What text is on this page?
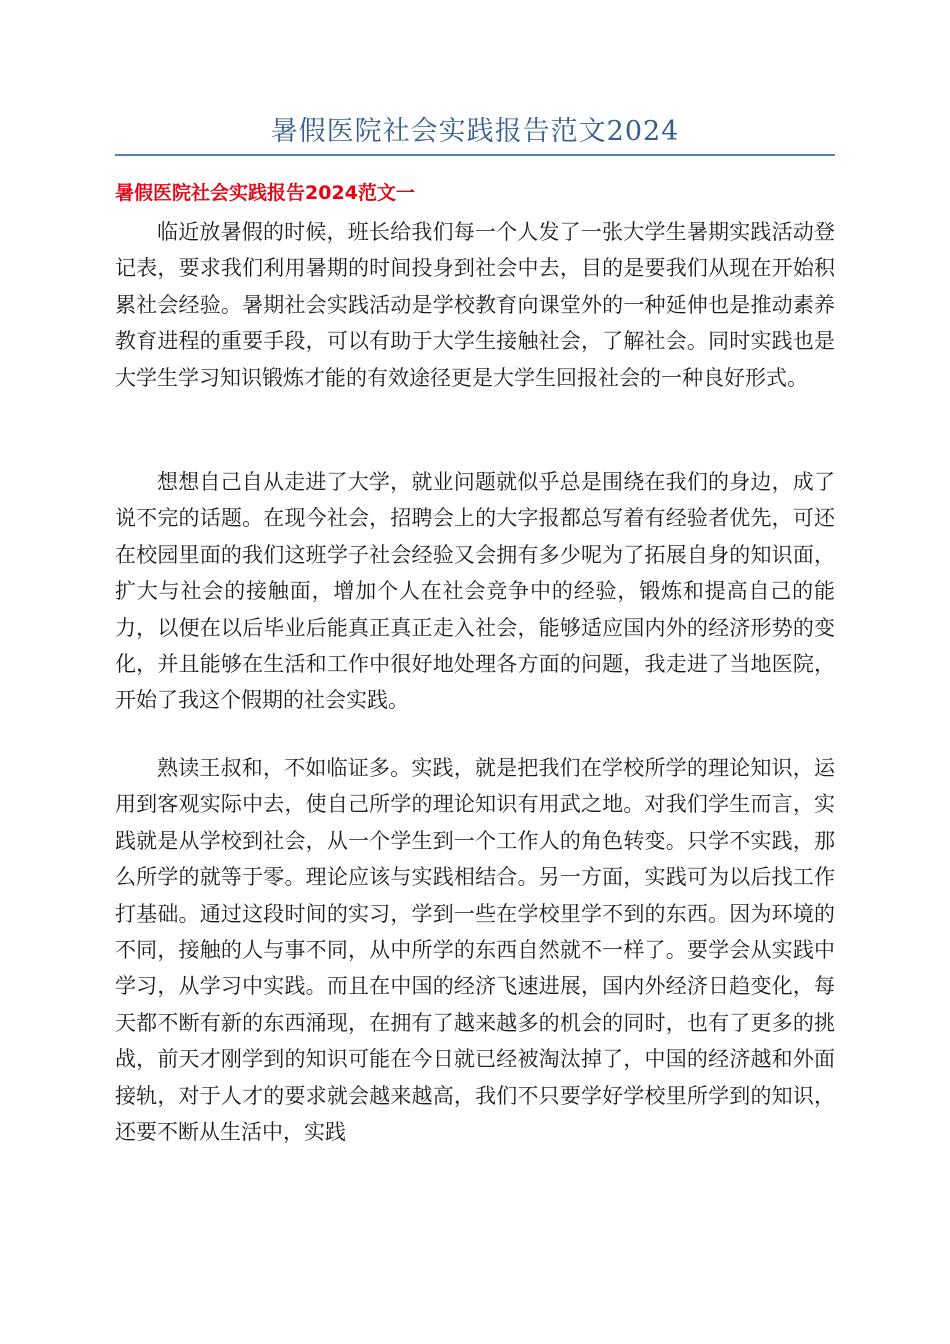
暑假医院社会实践报告范文2024
暑假医院社会实践报告2024范文一

临近放暑假的时候，班长给我们每一个人发了一张大学生暑期实践活动登记表，要求我们利用暑期的时间投身到社会中去，目的是要我们从现在开始积累社会经验。暑期社会实践活动是学校教育向课堂外的一种延伸也是推动素养教育进程的重要手段，可以有助于大学生接触社会，了解社会。同时实践也是大学生学习知识锻炼才能的有效途径更是大学生回报社会的一种良好形式。

想想自己自从走进了大学，就业问题就似乎总是围绕在我们的身边，成了说不完的话题。在现今社会，招聘会上的大字报都总写着有经验者优先，可还在校园里面的我们这班学子社会经验又会拥有多少呢为了拓展自身的知识面，扩大与社会的接触面，增加个人在社会竞争中的经验，锻炼和提高自己的能力，以便在以后毕业后能真正真正走入社会，能够适应国内外的经济形势的变化，并且能够在生活和工作中很好地处理各方面的问题，我走进了当地医院，开始了我这个假期的社会实践。

熟读王叔和，不如临证多。实践，就是把我们在学校所学的理论知识，运用到客观实际中去，使自己所学的理论知识有用武之地。对我们学生而言，实践就是从学校到社会，从一个学生到一个工作人的角色转变。只学不实践，那么所学的就等于零。理论应该与实践相结合。另一方面，实践可为以后找工作打基础。通过这段时间的实习，学到一些在学校里学不到的东西。因为环境的不同，接触的人与事不同，从中所学的东西自然就不一样了。要学会从实践中学习，从学习中实践。而且在中国的经济飞速进展，国内外经济日趋变化，每天都不断有新的东西涌现，在拥有了越来越多的机会的同时，也有了更多的挑战，前天才刚学到的知识可能在今日就已经被淘汰掉了，中国的经济越和外面接轨，对于人才的要求就会越来越高，我们不只要学好学校里所学到的知识，还要不断从生活中，实践
